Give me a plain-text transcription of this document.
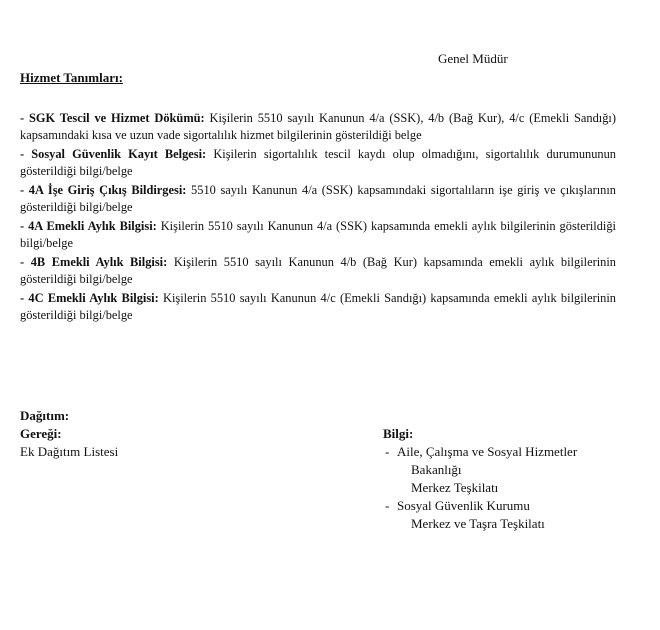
Genel Müdür
Hizmet Tanımları:

- SGK Tescil ve Hizmet Dökümü: Kişilerin 5510 sayılı Kanunun 4/a (SSK), 4/b (Bağ Kur), 4/c (Emekli Sandığı) kapsamındaki kısa ve uzun vade sigortalılık hizmet bilgilerinin gösterildiği belge

- Sosyal Güvenlik Kayıt Belgesi: Kişilerin sigortalılık tescil kaydı olup olmadığını, sigortalılık durumununun gösterildiği bilgi/belge

- 4A İşe Giriş Çıkış Bildirgesi: 5510 sayılı Kanunun 4/a (SSK) kapsamındaki sigortalıların işe giriş ve çıkışlarının gösterildiği bilgi/belge

- 4A Emekli Aylık Bilgisi: Kişilerin 5510 sayılı Kanunun 4/a (SSK) kapsamında emekli aylık bilgilerinin gösterildiği bilgi/belge

- 4B Emekli Aylık Bilgisi: Kişilerin 5510 sayılı Kanunun 4/b (Bağ Kur) kapsamında emekli aylık bilgilerinin gösterildiği bilgi/belge

- 4C Emekli Aylık Bilgisi: Kişilerin 5510 sayılı Kanunun 4/c (Emekli Sandığı) kapsamında emekli aylık bilgilerinin gösterildiği bilgi/belge

Dağıtım:
Gereği:
Ek Dağıtım Listesi
Bilgi:
- Aile, Çalışma ve Sosyal Hizmetler
Bakanlığı
Merkez Teşkilatı
- Sosyal Güvenlik Kurumu
Merkez ve Taşra Teşkilatı
